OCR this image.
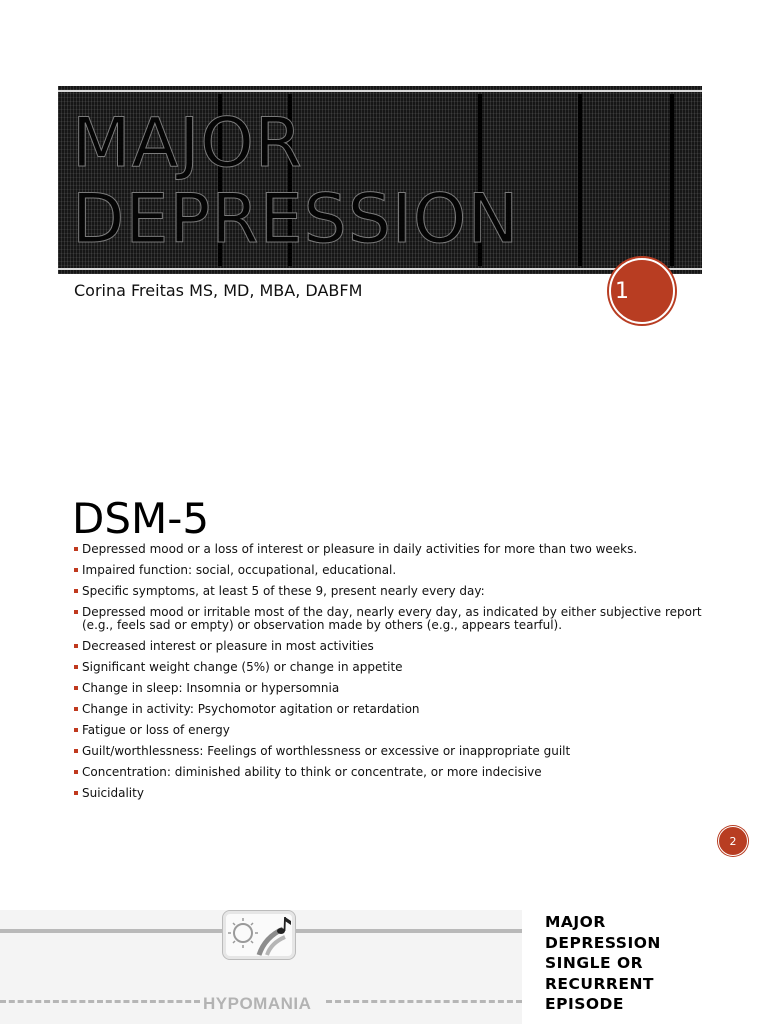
MAJOR
DEPRESSION
Corina Freitas MS, MD, MBA, DABFM	1
DSM-5
Depressed mood or a loss of interest or pleasure in daily activities for more than two weeks.
Impaired function: social, occupational, educational.
Specific symptoms, at least 5 of these 9, present nearly every day:
Depressed mood or irritable most of the day, nearly every day, as indicated by either subjective report (e.g., feels sad or empty) or observation made by others (e.g., appears tearful).
Decreased interest or pleasure in most activities
Significant weight change (5%) or change in appetite
Change in sleep: Insomnia or hypersomnia
Change in activity: Psychomotor agitation or retardation
Fatigue or loss of energy
Guilt/worthlessness: Feelings of worthlessness or excessive or inappropriate guilt
Concentration: diminished ability to think or concentrate, or more indecisive
Suicidality
2
HYPOMANIA
MAJOR
DEPRESSION
SINGLE OR
RECURRENT
EPISODE
